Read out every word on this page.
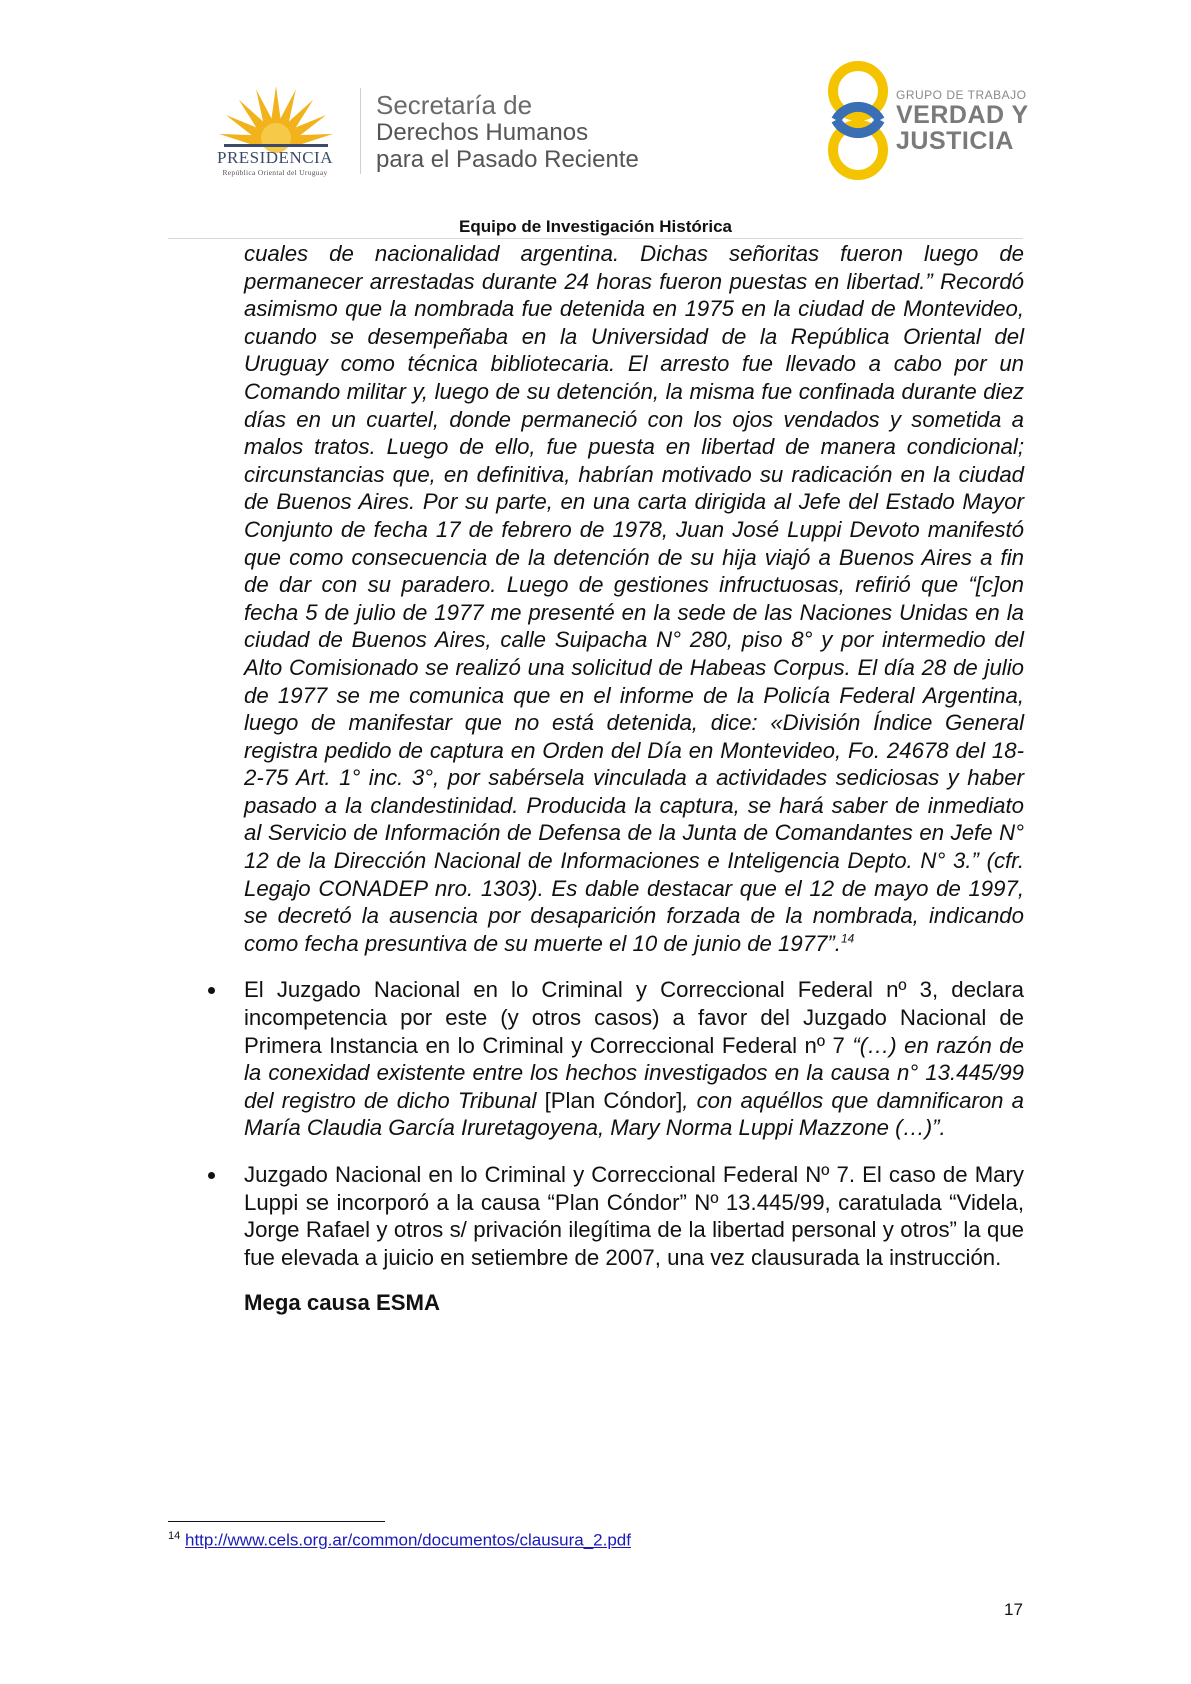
PRESIDENCIA
República Oriental del Uruguay
Secretaría de
Derechos Humanos
para el Pasado Reciente
GRUPO DE TRABAJO
VERDAD Y
JUSTICIA
Equipo de Investigación Histórica

cuales de nacionalidad argentina. Dichas señoritas fueron luego de permanecer arrestadas durante 24 horas fueron puestas en libertad.” Recordó asimismo que la nombrada fue detenida en 1975 en la ciudad de Montevideo, cuando se desempeñaba en la Universidad de la República Oriental del Uruguay como técnica bibliotecaria. El arresto fue llevado a cabo por un Comando militar y, luego de su detención, la misma fue confinada durante diez días en un cuartel, donde permaneció con los ojos vendados y sometida a malos tratos. Luego de ello, fue puesta en libertad de manera condicional; circunstancias que, en definitiva, habrían motivado su radicación en la ciudad de Buenos Aires. Por su parte, en una carta dirigida al Jefe del Estado Mayor Conjunto de fecha 17 de febrero de 1978, Juan José Luppi Devoto manifestó que como consecuencia de la detención de su hija viajó a Buenos Aires a fin de dar con su paradero. Luego de gestiones infructuosas, refirió que “[c]on fecha 5 de julio de 1977 me presenté en la sede de las Naciones Unidas en la ciudad de Buenos Aires, calle Suipacha N° 280, piso 8° y por intermedio del Alto Comisionado se realizó una solicitud de Habeas Corpus. El día 28 de julio de 1977 se me comunica que en el informe de la Policía Federal Argentina, luego de manifestar que no está detenida, dice: «División Índice General registra pedido de captura en Orden del Día en Montevideo, Fo. 24678 del 18-2-75 Art. 1° inc. 3°, por sabérsela vinculada a actividades sediciosas y haber pasado a la clandestinidad. Producida la captura, se hará saber de inmediato al Servicio de Información de Defensa de la Junta de Comandantes en Jefe N° 12 de la Dirección Nacional de Informaciones e Inteligencia Depto. N° 3.” (cfr. Legajo CONADEP nro. 1303). Es dable destacar que el 12 de mayo de 1997, se decretó la ausencia por desaparición forzada de la nombrada, indicando como fecha presuntiva de su muerte el 10 de junio de 1977”.$^{14}$

El Juzgado Nacional en lo Criminal y Correccional Federal nº 3, declara incompetencia por este (y otros casos) a favor del Juzgado Nacional de Primera Instancia en lo Criminal y Correccional Federal nº 7 “(…) en razón de la conexidad existente entre los hechos investigados en la causa n° 13.445/99 del registro de dicho Tribunal [Plan Cóndor], con aquéllos que damnificaron a María Claudia García Iruretagoyena, Mary Norma Luppi Mazzone (…)”.

Juzgado Nacional en lo Criminal y Correccional Federal Nº 7. El caso de Mary Luppi se incorporó a la causa “Plan Cóndor” Nº 13.445/99, caratulada “Videla, Jorge Rafael y otros s/ privación ilegítima de la libertad personal y otros” la que fue elevada a juicio en setiembre de 2007, una vez clausurada la instrucción.

Mega causa ESMA
$^{14}$ http://www.cels.org.ar/common/documentos/clausura_2.pdf
17
